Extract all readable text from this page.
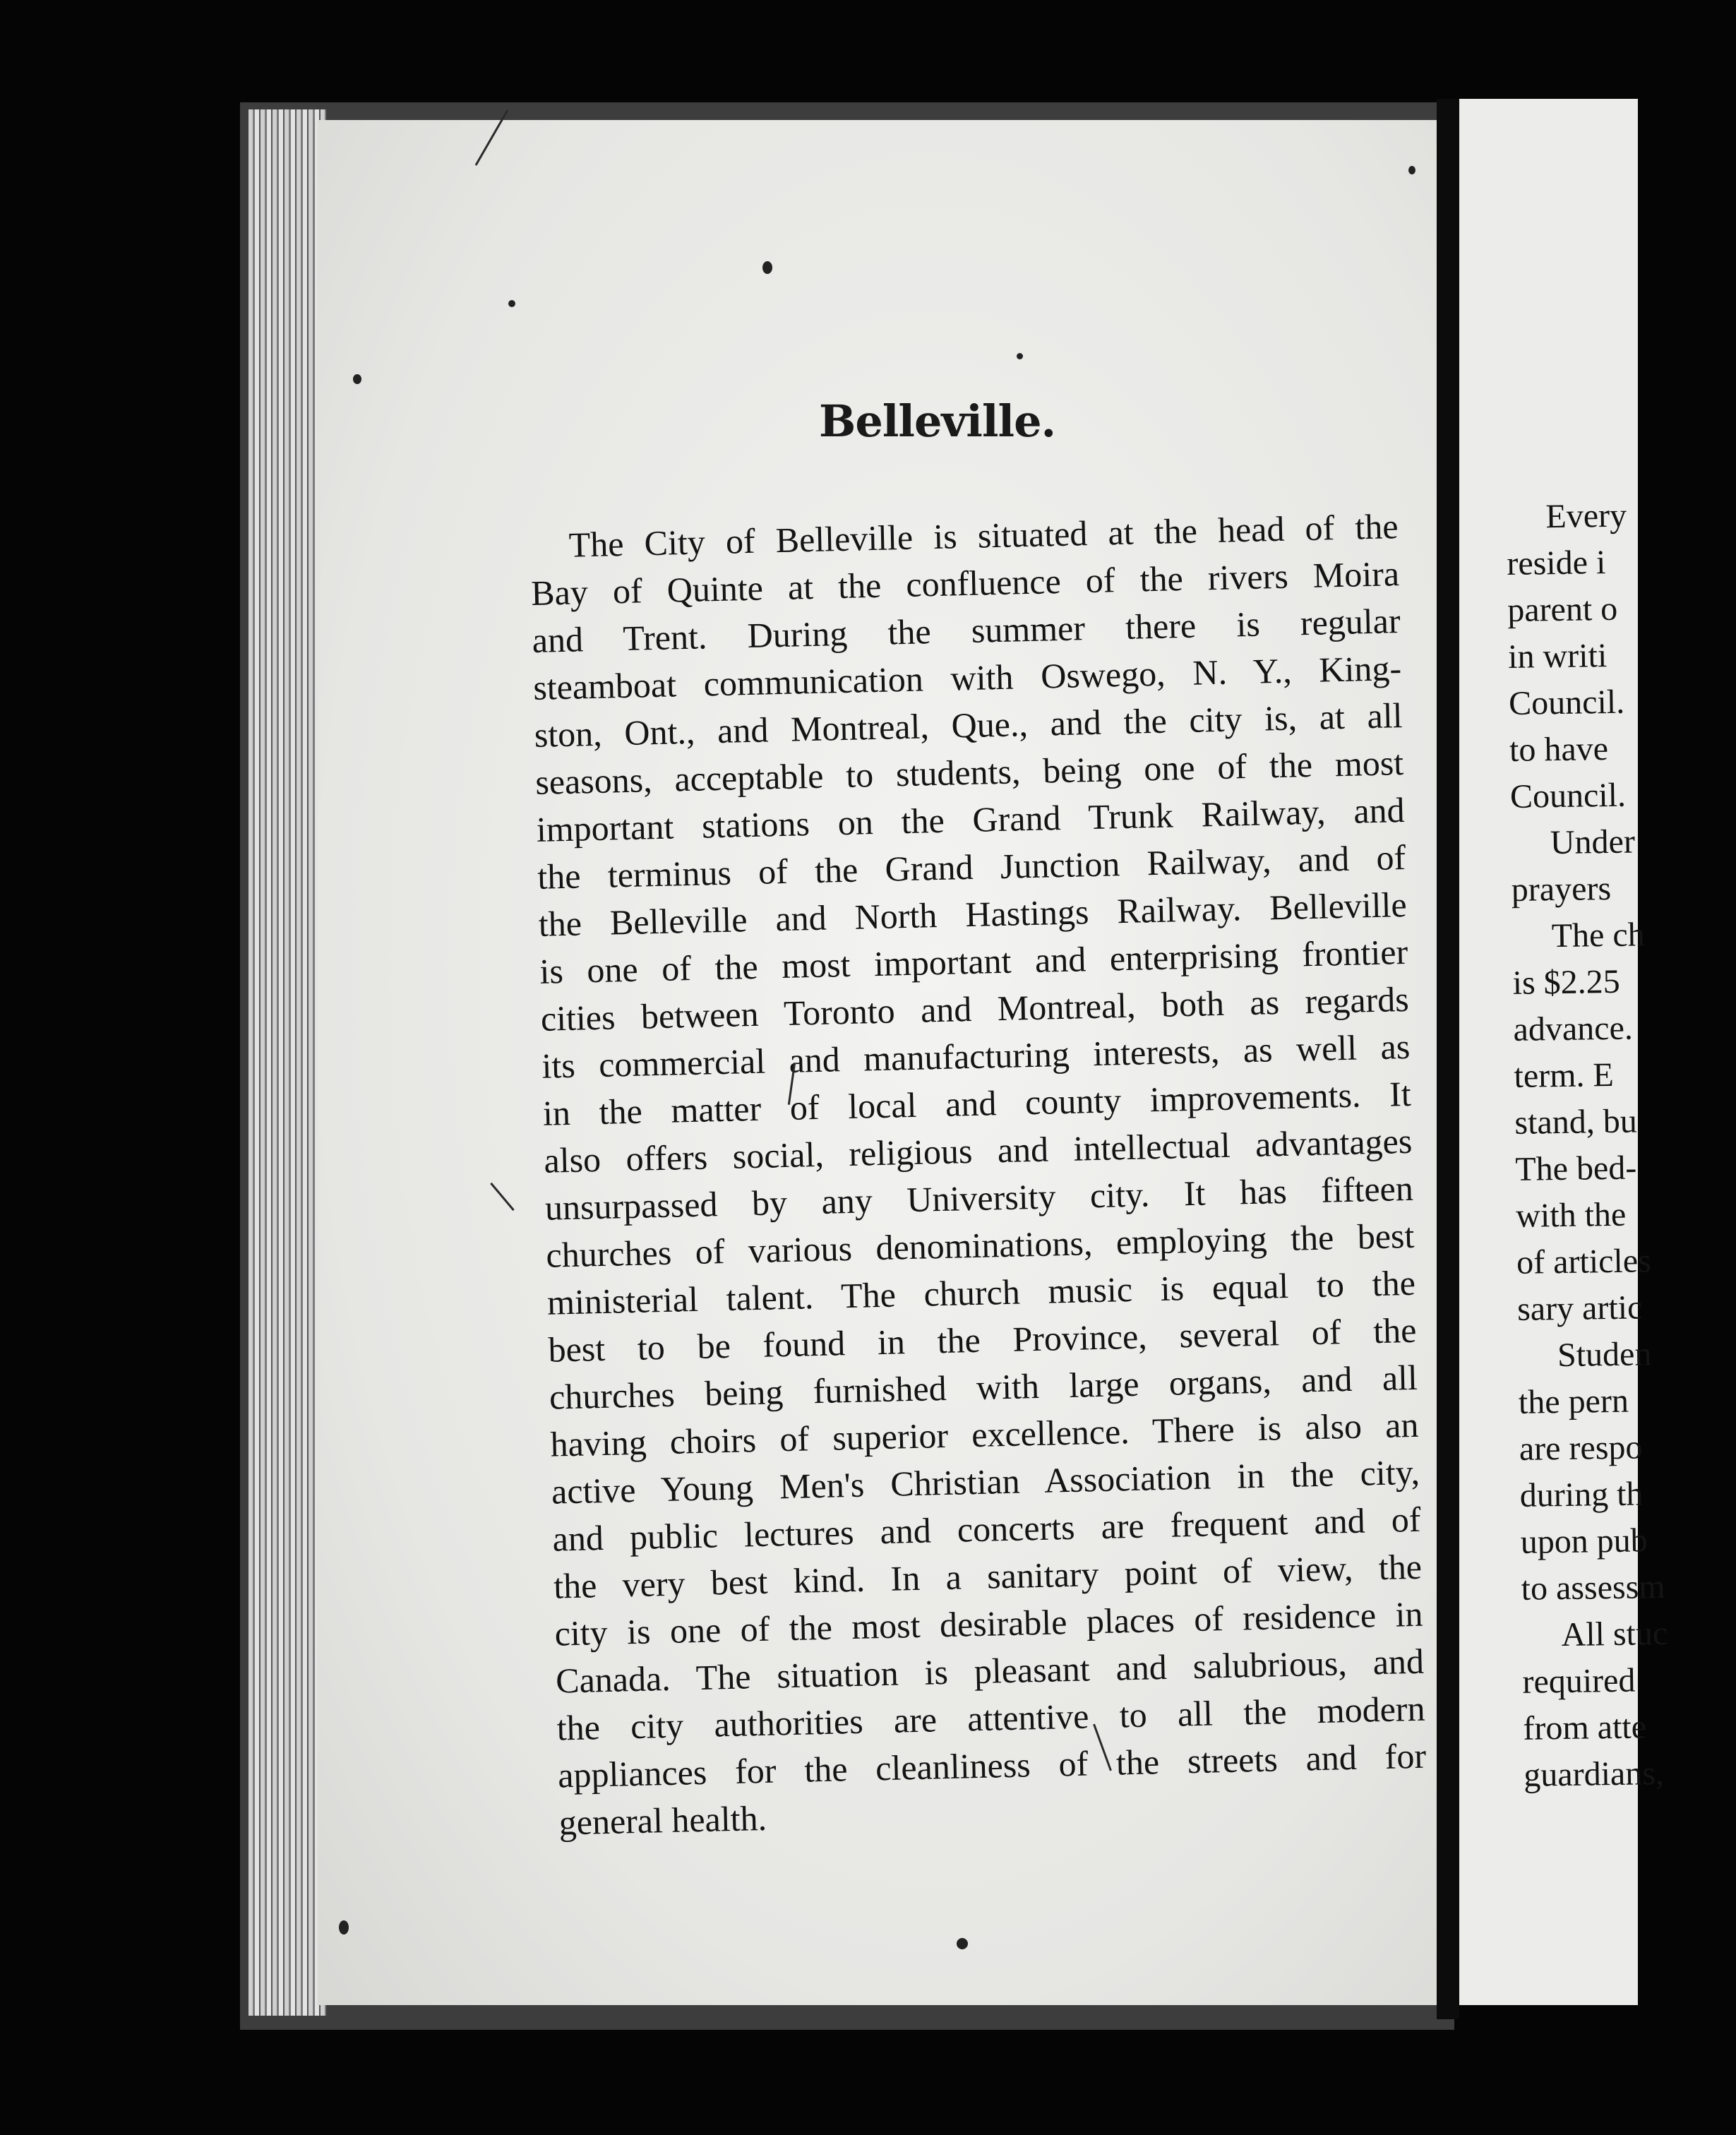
Belleville.
The City of Belleville is situated at the head of the
Bay of Quinte at the confluence of the rivers Moira
and Trent. During the summer there is regular
steamboat communication with Oswego, N. Y., King-
ston, Ont., and Montreal, Que., and the city is, at all
seasons, acceptable to students, being one of the most
important stations on the Grand Trunk Railway, and
the terminus of the Grand Junction Railway, and of
the Belleville and North Hastings Railway. Belleville
is one of the most important and enterprising frontier
cities between Toronto and Montreal, both as regards
its commercial and manufacturing interests, as well as
in the matter of local and county improvements. It
also offers social, religious and intellectual advantages
unsurpassed by any University city. It has fifteen
churches of various denominations, employing the best
ministerial talent. The church music is equal to the
best to be found in the Province, several of the
churches being furnished with large organs, and all
having choirs of superior excellence. There is also an
active Young Men's Christian Association in the city,
and public lectures and concerts are frequent and of
the very best kind. In a sanitary point of view, the
city is one of the most desirable places of residence in
Canada. The situation is pleasant and salubrious, and
the city authorities are attentive to all the modern
appliances for the cleanliness of the streets and for
general health.
Every
reside i
parent o
in writi
Council.
to have
Council.
Under
prayers
The ch
is $2.25
advance.
term. E
stand, bu
The bed-
with the
of articles
sary artic
Studen
the pern
are respo
during th
upon pub
to assessm
All stuc
required
from atte
guardians,
